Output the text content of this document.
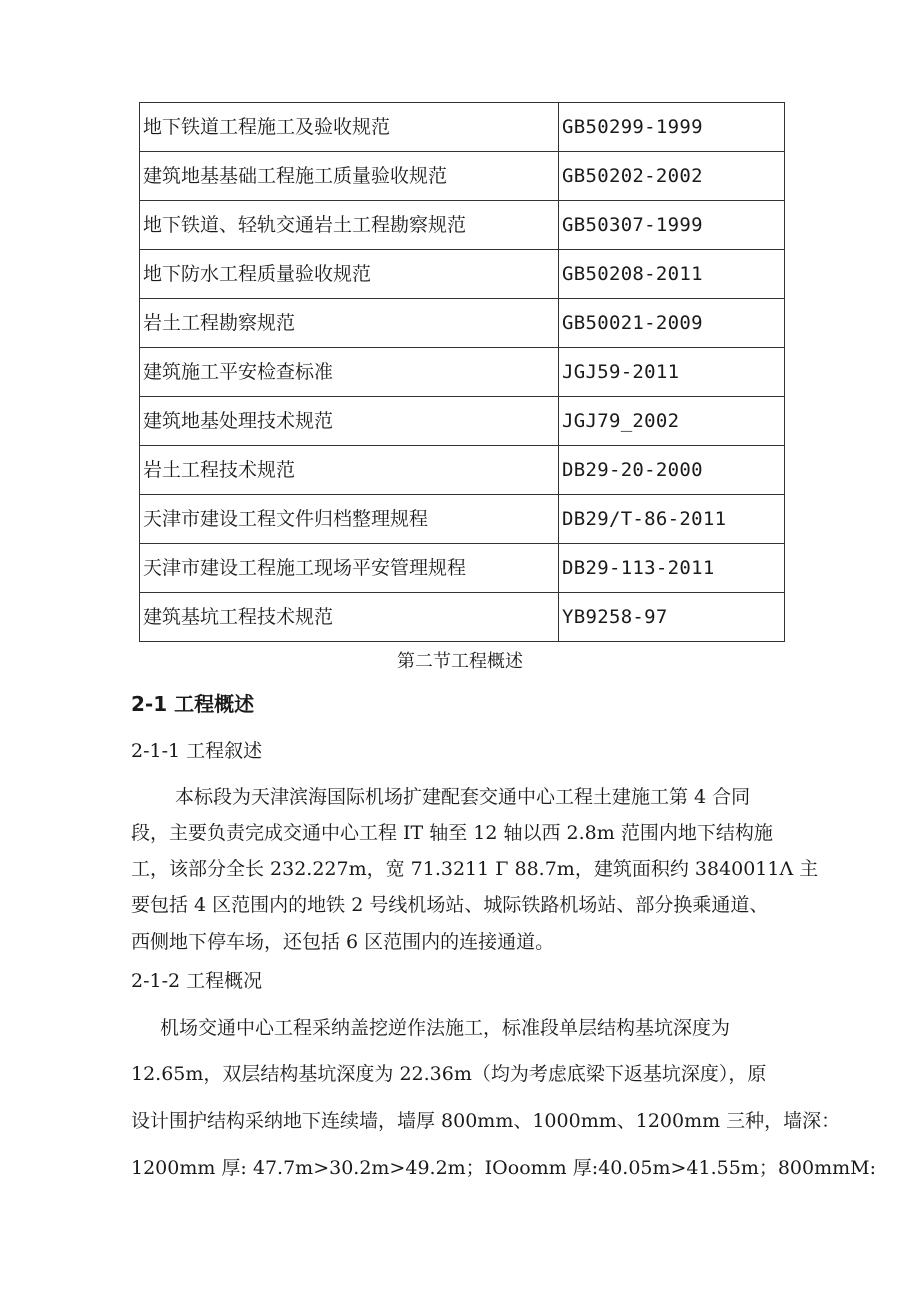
地下铁道工程施工及验收规范	GB50299-1999
建筑地基基础工程施工质量验收规范	GB50202-2002
地下铁道、轻轨交通岩土工程勘察规范	GB50307-1999
地下防水工程质量验收规范	GB50208-2011
岩土工程勘察规范	GB50021-2009
建筑施工平安检查标准	JGJ59-2011
建筑地基处理技术规范	JGJ79_2002
岩土工程技术规范	DB29-20-2000
天津市建设工程文件归档整理规程	DB29/T-86-2011
天津市建设工程施工现场平安管理规程	DB29-113-2011
建筑基坑工程技术规范	YB9258-97
第二节工程概述
2-1 工程概述
2-1-1 工程叙述
本标段为天津滨海国际机场扩建配套交通中心工程土建施工第 4 合同
段，主要负责完成交通中心工程 IT 轴至 12 轴以西 2.8m 范围内地下结构施
工，该部分全长 232.227m，宽 71.3211 Γ 88.7m，建筑面积约 3840011Λ 主
要包括 4 区范围内的地铁 2 号线机场站、城际铁路机场站、部分换乘通道、
西侧地下停车场，还包括 6 区范围内的连接通道。
2-1-2 工程概况
机场交通中心工程采纳盖挖逆作法施工，标准段单层结构基坑深度为
12.65m，双层结构基坑深度为 22.36m（均为考虑底梁下返基坑深度），原
设计围护结构采纳地下连续墙，墙厚 800mm、1000mm、1200mm 三种，墙深：
1200mm 厚: 47.7m>30.2m>49.2m；IOoomm 厚:40.05m>41.55m；800mmM:
